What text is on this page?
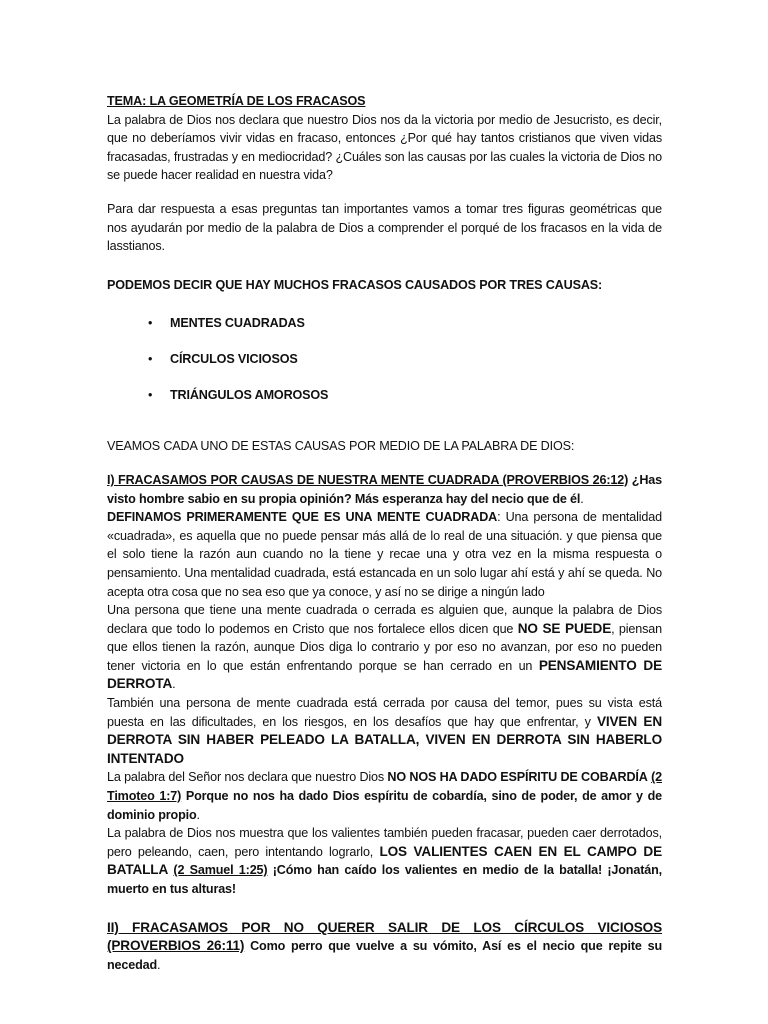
TEMA: LA GEOMETRÍA DE LOS FRACASOS

La palabra de Dios nos declara que nuestro Dios nos da la victoria por medio de Jesucristo, es decir, que no deberíamos vivir vidas en fracaso, entonces ¿Por qué hay tantos cristianos que viven vidas fracasadas, frustradas y en mediocridad? ¿Cuáles son las causas por las cuales la victoria de Dios no se puede hacer realidad en nuestra vida?

Para dar respuesta a esas preguntas tan importantes vamos a tomar tres figuras geométricas que nos ayudarán por medio de la palabra de Dios a comprender el porqué de los fracasos en la vida de lasstianos.

PODEMOS DECIR QUE HAY MUCHOS FRACASOS CAUSADOS POR TRES CAUSAS:

• MENTES CUADRADAS
• CÍRCULOS VICIOSOS
• TRIÁNGULOS AMOROSOS

VEAMOS CADA UNO DE ESTAS CAUSAS POR MEDIO DE LA PALABRA DE DIOS:

I) FRACASAMOS POR CAUSAS DE NUESTRA MENTE CUADRADA (PROVERBIOS 26:12) ¿Has visto hombre sabio en su propia opinión? Más esperanza hay del necio que de él.

DEFINAMOS PRIMERAMENTE QUE ES UNA MENTE CUADRADA: Una persona de mentalidad «cuadrada», es aquella que no puede pensar más allá de lo real de una situación. y que piensa que el solo tiene la razón aun cuando no la tiene y recae una y otra vez en la misma respuesta o pensamiento. Una mentalidad cuadrada, está estancada en un solo lugar ahí está y ahí se queda. No acepta otra cosa que no sea eso que ya conoce, y así no se dirige a ningún lado

Una persona que tiene una mente cuadrada o cerrada es alguien que, aunque la palabra de Dios declara que todo lo podemos en Cristo que nos fortalece ellos dicen que NO SE PUEDE, piensan que ellos tienen la razón, aunque Dios diga lo contrario y por eso no avanzan, por eso no pueden tener victoria en lo que están enfrentando porque se han cerrado en un PENSAMIENTO DE DERROTA.

También una persona de mente cuadrada está cerrada por causa del temor, pues su vista está puesta en las dificultades, en los riesgos, en los desafíos que hay que enfrentar, y VIVEN EN DERROTA SIN HABER PELEADO LA BATALLA, VIVEN EN DERROTA SIN HABERLO INTENTADO

La palabra del Señor nos declara que nuestro Dios NO NOS HA DADO ESPÍRITU DE COBARDÍA (2 Timoteo 1:7) Porque no nos ha dado Dios espíritu de cobardía, sino de poder, de amor y de dominio propio.

La palabra de Dios nos muestra que los valientes también pueden fracasar, pueden caer derrotados, pero peleando, caen, pero intentando lograrlo, LOS VALIENTES CAEN EN EL CAMPO DE BATALLA (2 Samuel 1:25) ¡Cómo han caído los valientes en medio de la batalla! ¡Jonatán, muerto en tus alturas!

II) FRACASAMOS POR NO QUERER SALIR DE LOS CÍRCULOS VICIOSOS (PROVERBIOS 26:11) Como perro que vuelve a su vómito, Así es el necio que repite su necedad.
